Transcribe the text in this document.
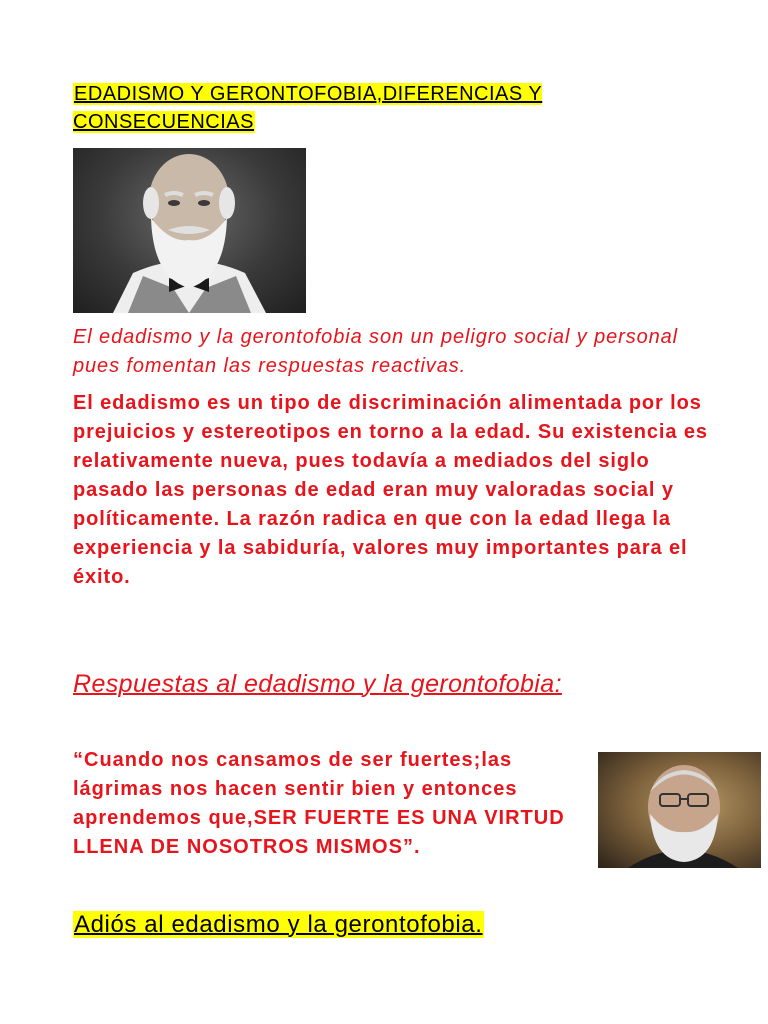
EDADISMO Y GERONTOFOBIA,DIFERENCIAS Y CONSECUENCIAS
El edadismo y la gerontofobia son un peligro social y personal pues fomentan las respuestas reactivas.
El edadismo es un tipo de discriminación alimentada por los prejuicios y estereotipos en torno a la edad. Su existencia es relativamente nueva, pues todavía a mediados del siglo pasado las personas de edad eran muy valoradas social y políticamente. La razón radica en que con la edad llega la experiencia y la sabiduría, valores muy importantes para el éxito.
Respuestas al edadismo y la gerontofobia:
“Cuando nos cansamos de ser fuertes;las lágrimas nos hacen sentir bien y entonces aprendemos que,SER FUERTE ES UNA VIRTUD LLENA DE NOSOTROS MISMOS”.
Adiós al edadismo y la gerontofobia.
